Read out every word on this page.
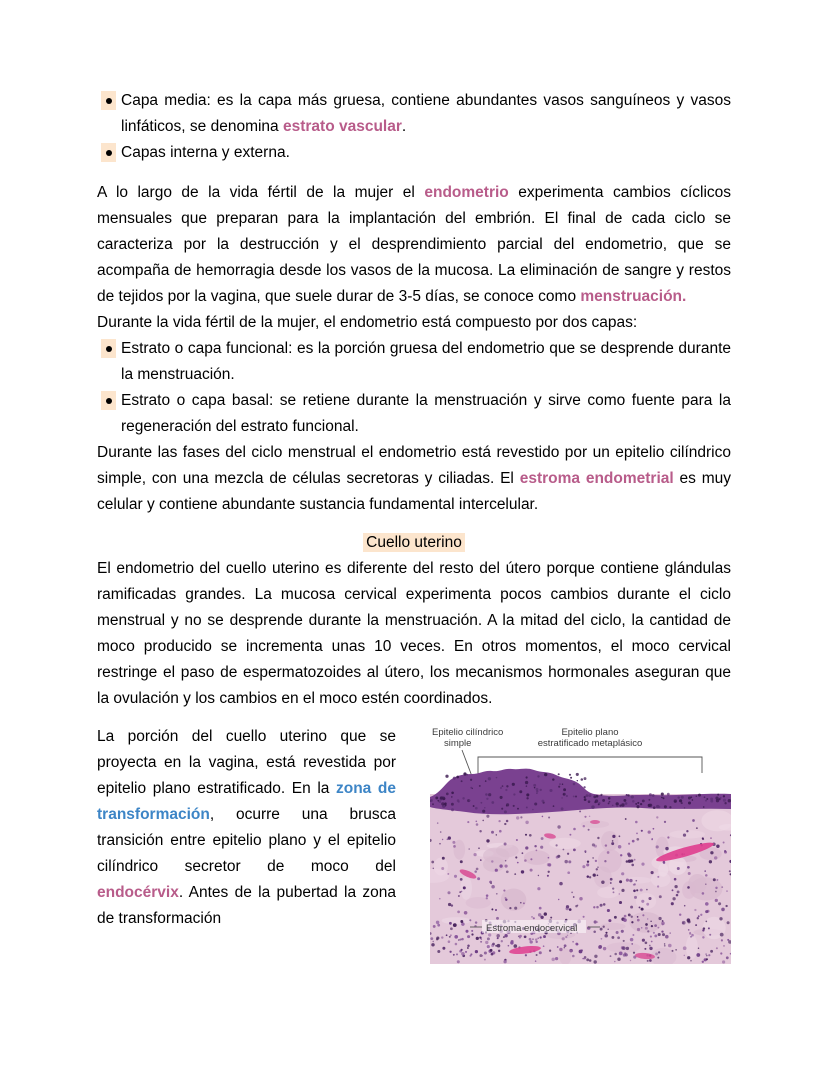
Capa media: es la capa más gruesa, contiene abundantes vasos sanguíneos y vasos linfáticos, se denomina estrato vascular.
Capas interna y externa.

A lo largo de la vida fértil de la mujer el endometrio experimenta cambios cíclicos mensuales que preparan para la implantación del embrión. El final de cada ciclo se caracteriza por la destrucción y el desprendimiento parcial del endometrio, que se acompaña de hemorragia desde los vasos de la mucosa. La eliminación de sangre y restos de tejidos por la vagina, que suele durar de 3-5 días, se conoce como menstruación.

Durante la vida fértil de la mujer, el endometrio está compuesto por dos capas:

Estrato o capa funcional: es la porción gruesa del endometrio que se desprende durante la menstruación.
Estrato o capa basal: se retiene durante la menstruación y sirve como fuente para la regeneración del estrato funcional.

Durante las fases del ciclo menstrual el endometrio está revestido por un epitelio cilíndrico simple, con una mezcla de células secretoras y ciliadas. El estroma endometrial es muy celular y contiene abundante sustancia fundamental intercelular.

Cuello uterino

El endometrio del cuello uterino es diferente del resto del útero porque contiene glándulas ramificadas grandes. La mucosa cervical experimenta pocos cambios durante el ciclo menstrual y no se desprende durante la menstruación. A la mitad del ciclo, la cantidad de moco producido se incrementa unas 10 veces. En otros momentos, el moco cervical restringe el paso de espermatozoides al útero, los mecanismos hormonales aseguran que la ovulación y los cambios en el moco estén coordinados.

La porción del cuello uterino que se proyecta en la vagina, está revestida por epitelio plano estratificado. En la zona de transformación, ocurre una brusca transición entre epitelio plano y el epitelio cilíndrico secretor de moco del endocérvix. Antes de la pubertad la zona de transformación

Epitelio cilíndrico
simple
Epitelio plano
estratificado metaplásico
Estroma endocervical
